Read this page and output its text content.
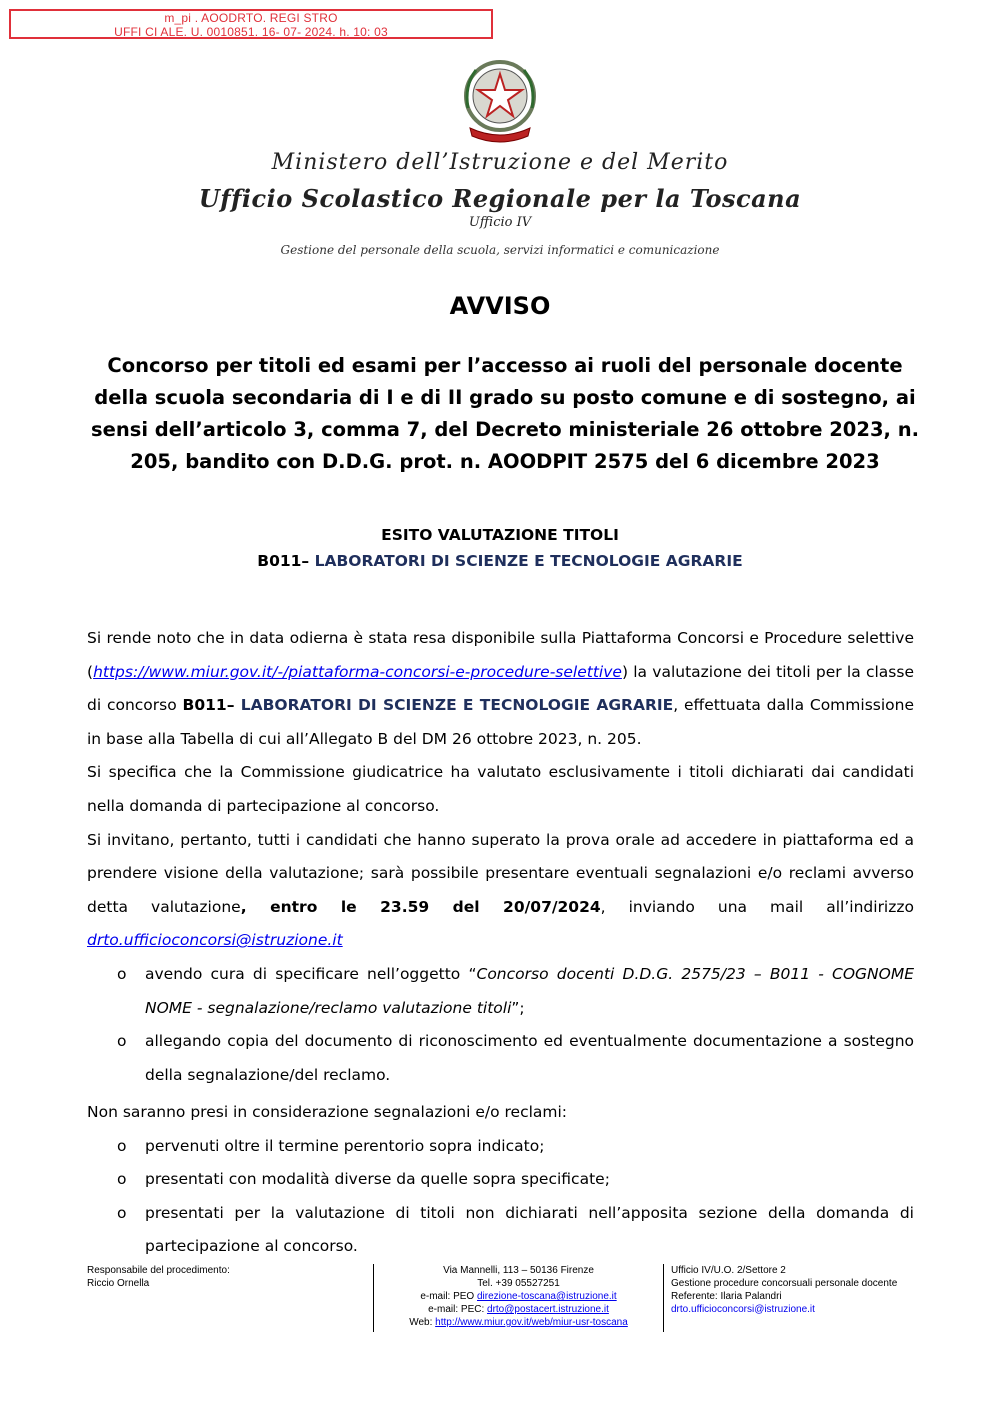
m_pi . AOODRTO. REGI STRO
UFFI CI ALE. U. 0010851. 16- 07- 2024. h. 10: 03
Ministero dell’Istruzione e del Merito
Ufficio Scolastico Regionale per la Toscana
Ufficio IV
Gestione del personale della scuola, servizi informatici e comunicazione
AVVISO
Concorso per titoli ed esami per l’accesso ai ruoli del personale docente della scuola secondaria di I e di II grado su posto comune e di sostegno, ai sensi dell’articolo 3, comma 7, del Decreto ministeriale 26 ottobre 2023, n. 205, bandito con D.D.G. prot. n. AOODPIT 2575 del 6 dicembre 2023
ESITO VALUTAZIONE TITOLI
B011– LABORATORI DI SCIENZE E TECNOLOGIE AGRARIE

Si rende noto che in data odierna è stata resa disponibile sulla Piattaforma Concorsi e Procedure selettive (https://www.miur.gov.it/-/piattaforma-concorsi-e-procedure-selettive) la valutazione dei titoli per la classe di concorso B011– LABORATORI DI SCIENZE E TECNOLOGIE AGRARIE, effettuata dalla Commissione in base alla Tabella di cui all’Allegato B del DM 26 ottobre 2023, n. 205.

Si specifica che la Commissione giudicatrice ha valutato esclusivamente i titoli dichiarati dai candidati nella domanda di partecipazione al concorso.

Si invitano, pertanto, tutti i candidati che hanno superato la prova orale ad accedere in piattaforma ed a prendere visione della valutazione; sarà possibile presentare eventuali segnalazioni e/o reclami avverso detta valutazione, entro le 23.59 del 20/07/2024, inviando una mail all’indirizzo drto.ufficioconcorsi@istruzione.it

o	avendo cura di specificare nell’oggetto “Concorso docenti D.D.G. 2575/23 – B011 - COGNOME NOME - segnalazione/reclamo valutazione titoli”;
o	allegando copia del documento di riconoscimento ed eventualmente documentazione a sostegno della segnalazione/del reclamo.

Non saranno presi in considerazione segnalazioni e/o reclami:

o	pervenuti oltre il termine perentorio sopra indicato;
o	presentati con modalità diverse da quelle sopra specificate;
o	presentati per la valutazione di titoli non dichiarati nell’apposita sezione della domanda di partecipazione al concorso.
Responsabile del procedimento:
Riccio Ornella
Via Mannelli, 113 – 50136 Firenze
Tel. +39 05527251
e-mail: PEO direzione-toscana@istruzione.it
e-mail: PEC: drto@postacert.istruzione.it
Web: http://www.miur.gov.it/web/miur-usr-toscana
Ufficio IV/U.O. 2/Settore 2
Gestione procedure concorsuali personale docente
Referente: Ilaria Palandri
drto.ufficioconcorsi@istruzione.it
